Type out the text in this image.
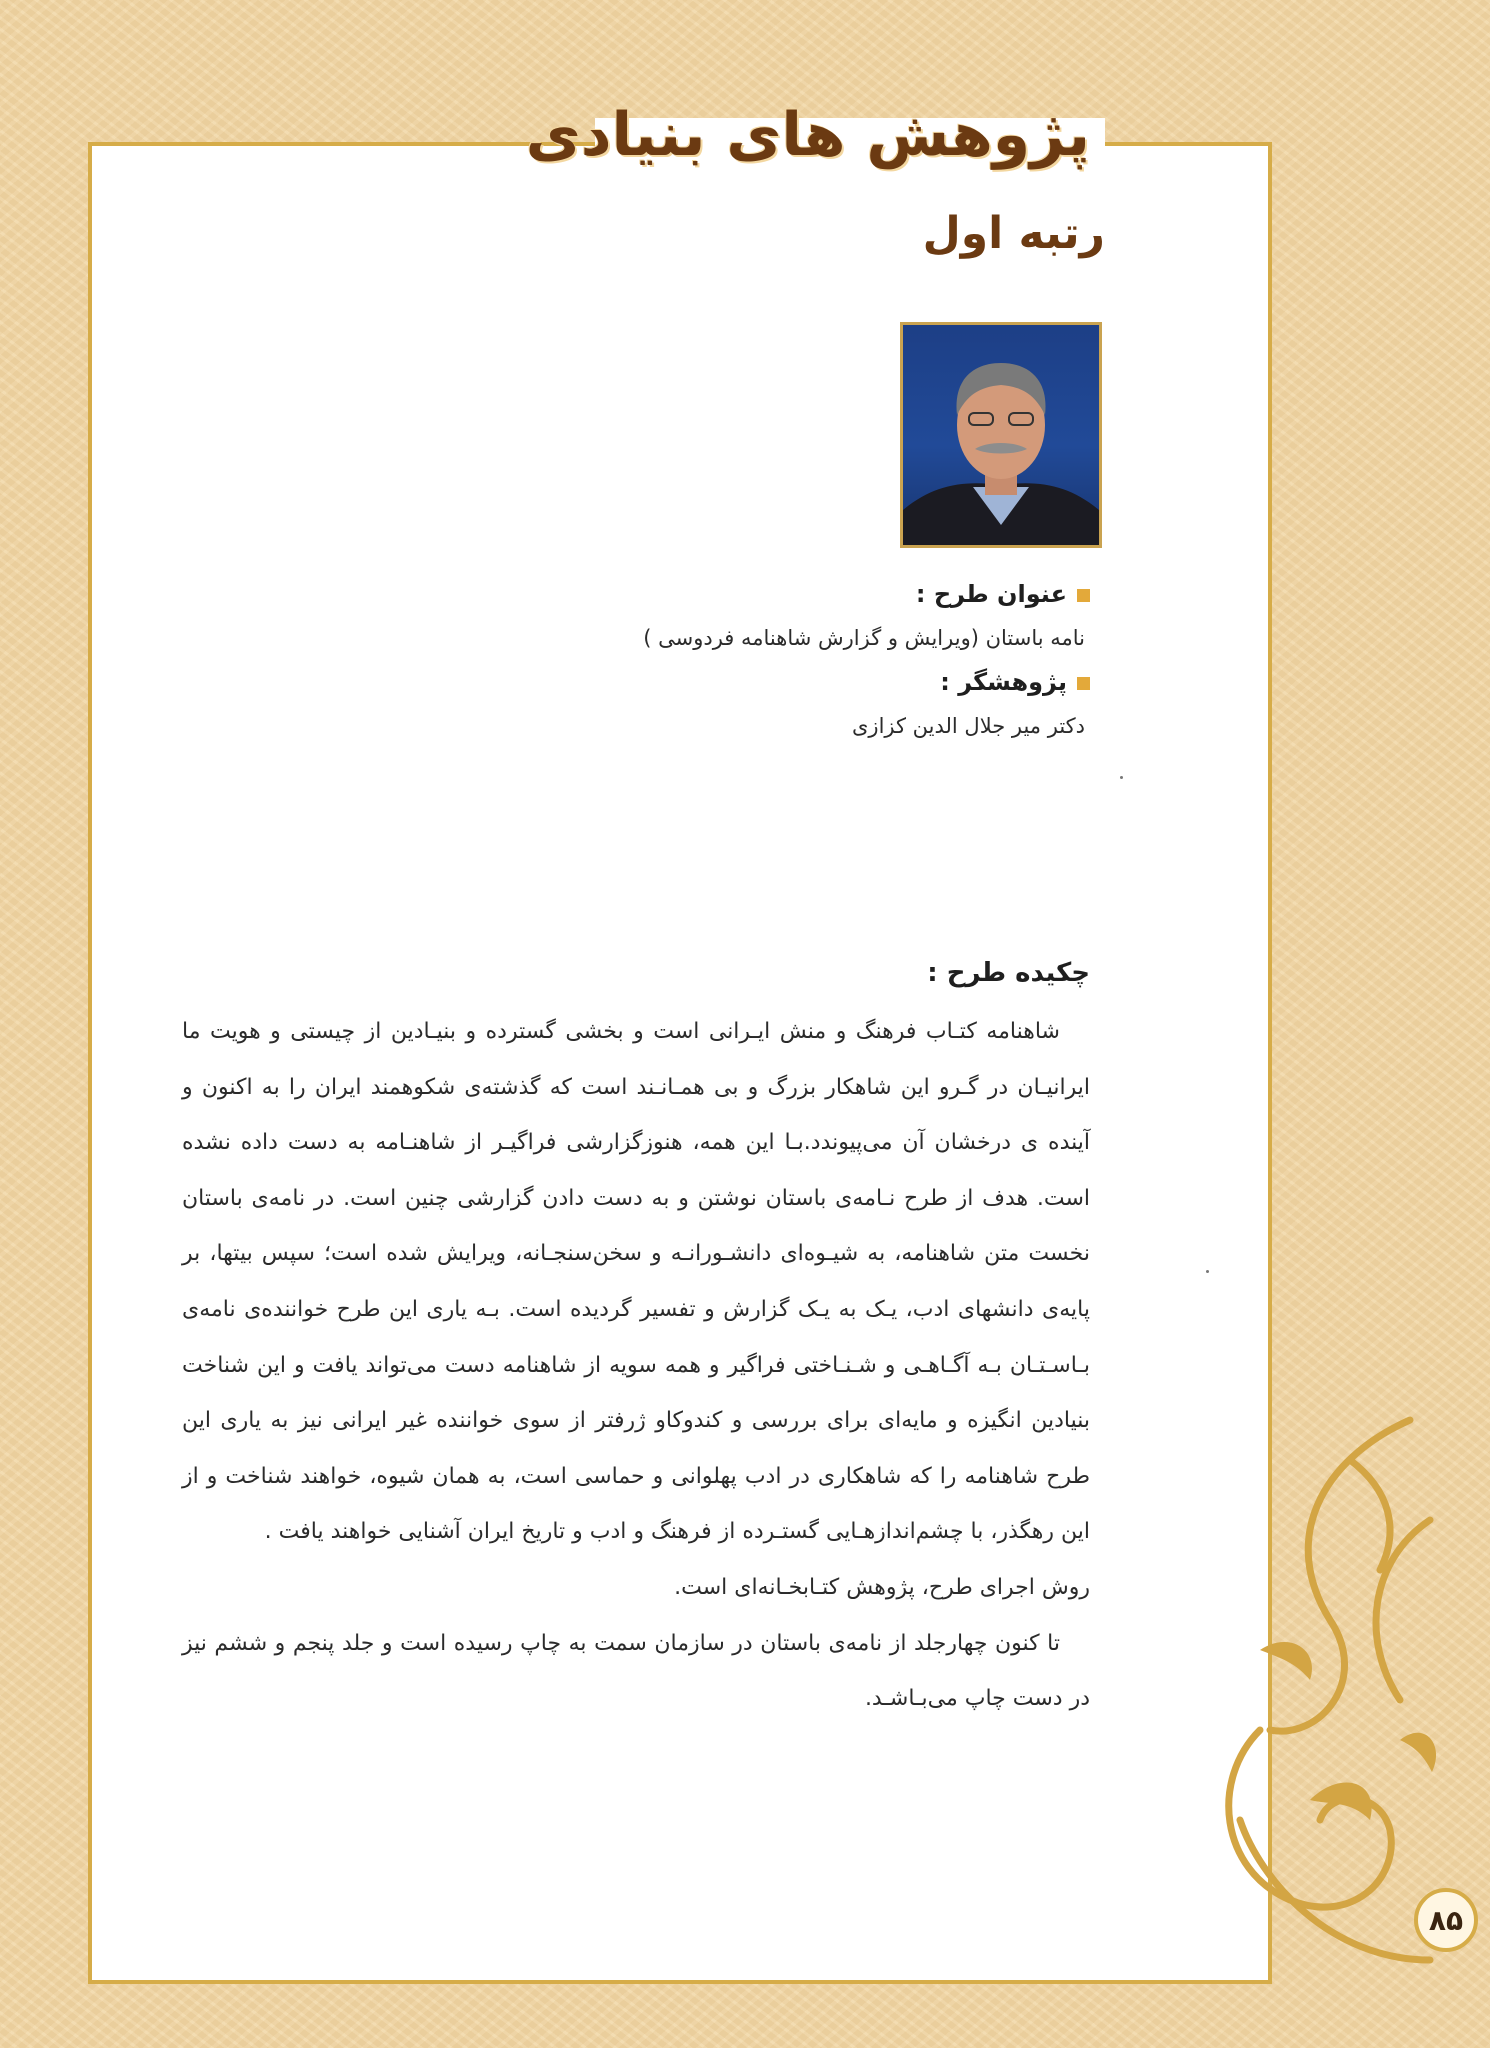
پژوهش های بنیادی
رتبه اول
عنوان طرح :
نامه باستان (ویرایش و گزارش شاهنامه فردوسی )
پژوهشگر :
دکتر میر جلال الدین کزازی
چکیده طرح :

شاهنامه کتـاب فرهنگ و منش ایـرانی است و بخشی گسترده و بنیـادین از چیستی و هویت ما ایرانیـان در گـرو این شاهکار بزرگ و بی همـانـند است که گذشته‌ی شکوهمند ایران را به اکنون و آینده ی درخشان آن می‌پیوندد.بـا این همه، هنوزگزارشی فراگیـر از شاهنـامه به دست داده نشده است. هدف از طرح نـامه‌ی باستان نوشتن و به دست دادن گزارشی چنین است. در نامه‌ی باستان نخست متن شاهنامه، به شیـوه‌ای دانشـورانـه و سخن‌سنجـانه، ویرایش شده است؛ سپس بیتها، بر پایه‌ی دانشهای ادب، یـک به یـک گزارش و تفسیر گردیده است. بـه یاری این طرح خواننده‌ی نامه‌ی بـاسـتـان بـه آگـاهـی و شـنـاختی فراگیر و همه سویه از شاهنامه دست می‌تواند یافت و این شناخت بنیادین انگیزه و مایه‌ای برای بررسی و کندوکاو ژرفتر از سوی خواننده غیر ایرانی نیز به یاری این طرح شاهنامه را که شاهکاری در ادب پهلوانی و حماسی است، به همان شیوه، خواهند شناخت و از این رهگذر، با چشم‌اندازهـایی گستـرده از فرهنگ و ادب و تاریخ ایران آشنایی خواهند یافت .

روش اجرای طرح، پژوهش کتـابخـانه‌ای است.

تا کنون چهارجلد از نامه‌ی باستان در سازمان سمت به چاپ رسیده است و جلد پنجم و ششم نیز در دست چاپ می‌بـاشـد.

۸۵
